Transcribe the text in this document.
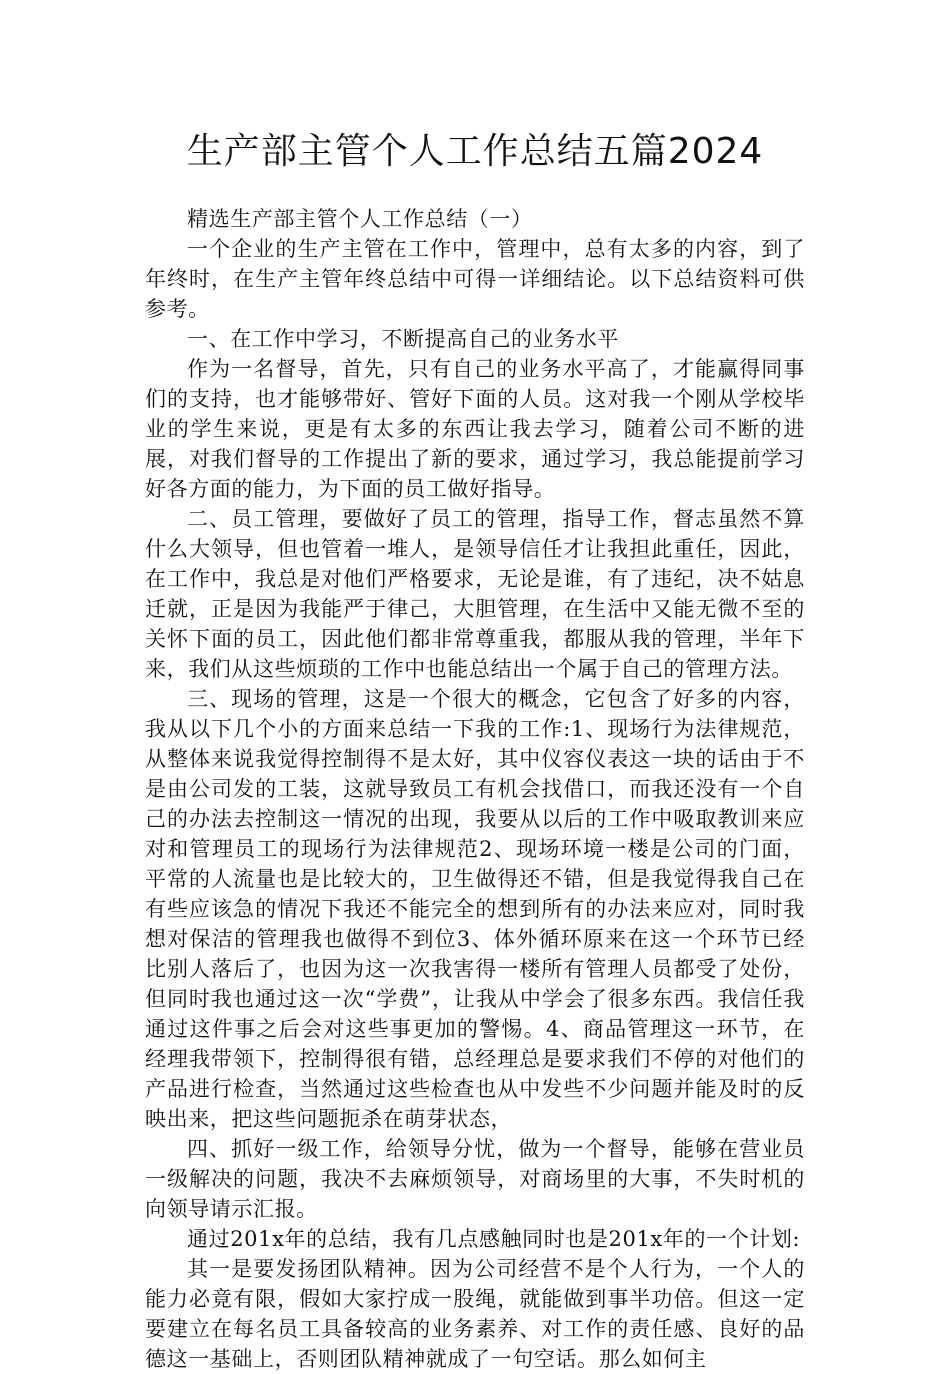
生产部主管个人工作总结五篇2024

精选生产部主管个人工作总结（一）

一个企业的生产主管在工作中，管理中，总有太多的内容，到了年终时，在生产主管年终总结中可得一详细结论。以下总结资料可供参考。

一、在工作中学习，不断提高自己的业务水平

作为一名督导，首先，只有自己的业务水平高了，才能赢得同事们的支持，也才能够带好、管好下面的人员。这对我一个刚从学校毕业的学生来说，更是有太多的东西让我去学习，随着公司不断的进展，对我们督导的工作提出了新的要求，通过学习，我总能提前学习好各方面的能力，为下面的员工做好指导。

二、员工管理，要做好了员工的管理，指导工作，督志虽然不算什么大领导，但也管着一堆人，是领导信任才让我担此重任，因此，在工作中，我总是对他们严格要求，无论是谁，有了违纪，决不姑息迁就，正是因为我能严于律己，大胆管理，在生活中又能无微不至的关怀下面的员工，因此他们都非常尊重我，都服从我的管理，半年下来，我们从这些烦琐的工作中也能总结出一个属于自己的管理方法。

三、现场的管理，这是一个很大的概念，它包含了好多的内容，我从以下几个小的方面来总结一下我的工作:1、现场行为法律规范，从整体来说我觉得控制得不是太好，其中仪容仪表这一块的话由于不是由公司发的工装，这就导致员工有机会找借口，而我还没有一个自己的办法去控制这一情况的出现，我要从以后的工作中吸取教训来应对和管理员工的现场行为法律规范2、现场环境一楼是公司的门面，平常的人流量也是比较大的，卫生做得还不错，但是我觉得我自己在有些应该急的情况下我还不能完全的想到所有的办法来应对，同时我想对保洁的管理我也做得不到位3、体外循环原来在这一个环节已经比别人落后了，也因为这一次我害得一楼所有管理人员都受了处份，但同时我也通过这一次“学费”，让我从中学会了很多东西。我信任我通过这件事之后会对这些事更加的警惕。4、商品管理这一环节，在经理我带领下，控制得很有错，总经理总是要求我们不停的对他们的产品进行检查，当然通过这些检查也从中发些不少问题并能及时的反映出来，把这些问题扼杀在萌芽状态，

四、抓好一级工作，给领导分忧，做为一个督导，能够在营业员一级解决的问题，我决不去麻烦领导，对商场里的大事，不失时机的向领导请示汇报。

通过201x年的总结，我有几点感触同时也是201x年的一个计划:

其一是要发扬团队精神。因为公司经营不是个人行为，一个人的能力必竟有限，假如大家拧成一股绳，就能做到事半功倍。但这一定要建立在每名员工具备较高的业务素养、对工作的责任感、良好的品德这一基础上，否则团队精神就成了一句空话。那么如何主
